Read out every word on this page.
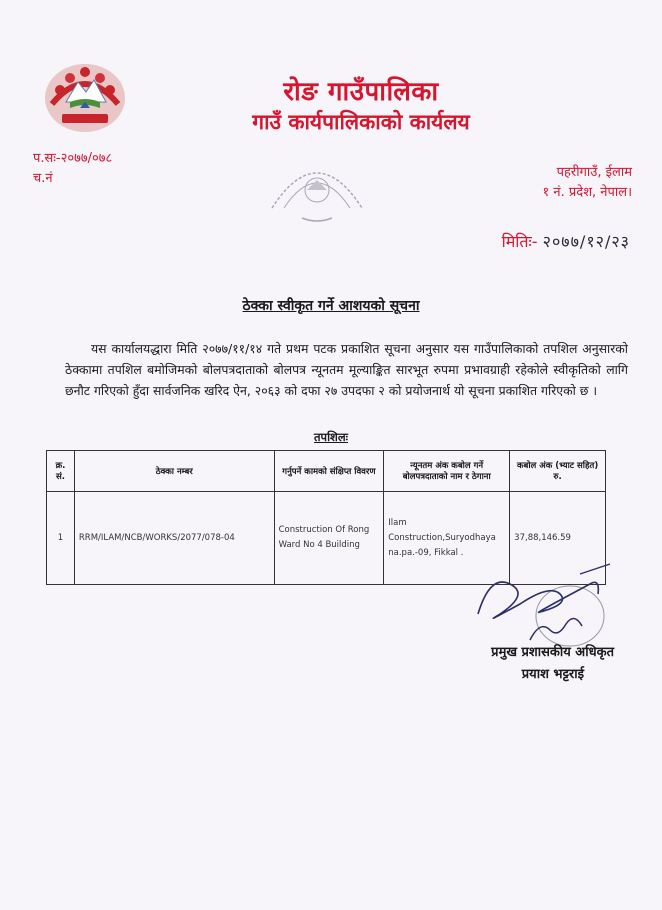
रोङ गाउँपालिका
गाउँ कार्यपालिकाको कार्यलय
प.सः-२०७७/०७८
च.नं	पहरीगाउँ, ईलाम
१ नं. प्रदेश, नेपाल।
मितिः- २०७७/१२/२३
ठेक्का स्वीकृत गर्ने आशयको सूचना
यस कार्यालयद्धारा मिति २०७७/११/१४ गते प्रथम पटक प्रकाशित सूचना अनुसार यस गाउँपालिकाको तपशिल अनुसारको ठेक्कामा तपशिल बमोजिमको बोलपत्रदाताको बोलपत्र न्यूनतम मूल्याङ्कित सारभूत रुपमा प्रभावग्राही रहेकोले स्वीकृतिको लागि छनौट गरिएको हुँदा सार्वजनिक खरिद ऐन, २०६३ को दफा २७ उपदफा २ को प्रयोजनार्थ यो सूचना प्रकाशित गरिएको छ ।
तपशिलः
क्र. सं.	ठेक्का नम्बर	गर्नुपर्ने कामको संक्षिप्त विवरण	न्यूनतम अंक कबोल गर्ने बोलपत्रदाताको नाम र ठेगाना	कबोल अंक (भ्याट सहित) रु.
1	RRM/ILAM/NCB/WORKS/2077/078-04	Construction Of Rong Ward No 4 Building	Ilam Construction,Suryodhaya na.pa.-09, Fikkal .	37,88,146.59
प्रमुख प्रशासकीय अधिकृत
प्रयाश भट्टराई
